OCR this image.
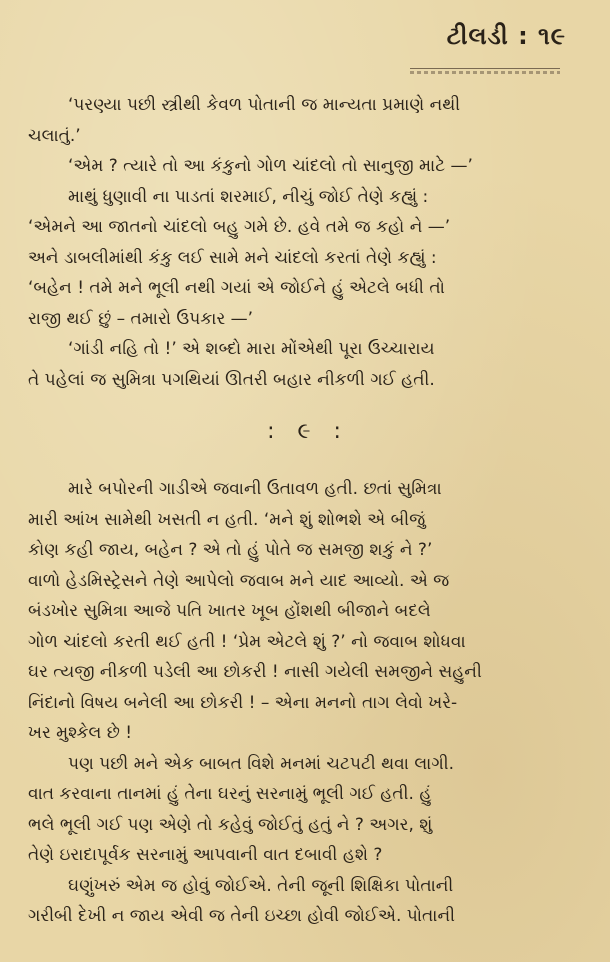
ટીલડી : ૧૯
‘પરણ્યા પછી સ્ત્રીથી કેવળ પોતાની જ માન્યતા પ્રમાણે નથી
ચલાતું.’
‘એમ ? ત્યારે તો આ કંકુનો ગોળ ચાંદલો તો સાનુજી માટે —’
માથું ધુણાવી ના પાડતાં શરમાઈ, નીચું જોઈ તેણે કહ્યું :
‘એમને આ જાતનો ચાંદલો બહુ ગમે છે. હવે તમે જ કહો ને —’
અને ડાબલીમાંથી કંકુ લઈ સામે મને ચાંદલો કરતાં તેણે કહ્યું :
‘બહેન ! તમે મને ભૂલી નથી ગયાં એ જોઈને હું એટલે બધી તો
રાજી થઈ છું – તમારો ઉપકાર —’
‘ગાંડી નહિ તો !’ એ શબ્દો મારા મોંએથી પૂરા ઉચ્ચારાય
તે પહેલાં જ સુમિત્રા પગથિયાં ઊતરી બહાર નીકળી ગઈ હતી.
: ૯ :
મારે બપોરની ગાડીએ જવાની ઉતાવળ હતી. છતાં સુમિત્રા
મારી આંખ સામેથી ખસતી ન હતી. ‘મને શું શોભશે એ બીજું
કોણ કહી જાય, બહેન ? એ તો હું પોતે જ સમજી શકું ને ?’
વાળો હેડમિસ્ટ્રેસને તેણે આપેલો જવાબ મને યાદ આવ્યો. એ જ
બંડખોર સુમિત્રા આજે પતિ ખાતર ખૂબ હોંશથી બીજાને બદલે
ગોળ ચાંદલો કરતી થઈ હતી ! ‘પ્રેમ એટલે શું ?’ નો જવાબ શોધવા
ઘર ત્યજી નીકળી પડેલી આ છોકરી ! નાસી ગયેલી સમજીને સહુની
નિંદાનો વિષય બનેલી આ છોકરી ! – એના મનનો તાગ લેવો ખરે-
ખર મુશ્કેલ છે !
પણ પછી મને એક બાબત વિશે મનમાં ચટપટી થવા લાગી.
વાત કરવાના તાનમાં હું તેના ઘરનું સરનામું ભૂલી ગઈ હતી. હું
ભલે ભૂલી ગઈ પણ એણે તો કહેવું જોઈતું હતું ને ? અગર, શું
તેણે ઇરાદાપૂર્વક સરનામું આપવાની વાત દબાવી હશે ?
ઘણુંખરું એમ જ હોવું જોઈએ. તેની જૂની શિક્ષિકા પોતાની
ગરીબી દેખી ન જાય એવી જ તેની ઇચ્છા હોવી જોઈએ. પોતાની
